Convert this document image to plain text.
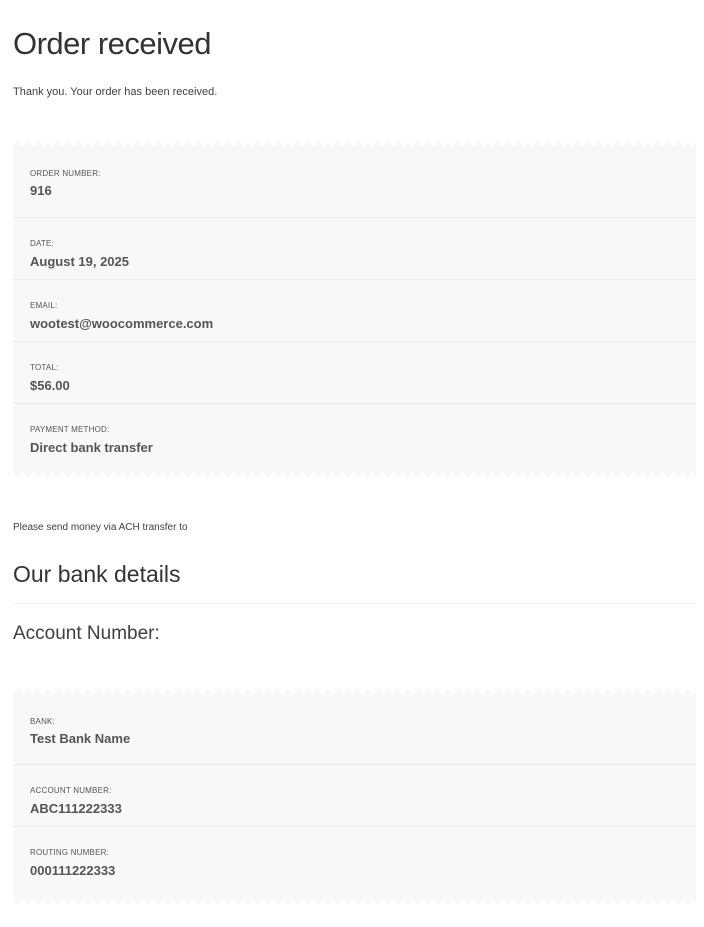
Order received

Thank you. Your order has been received.

ORDER NUMBER:
916
DATE:
August 19, 2025
EMAIL:
wootest@woocommerce.com
TOTAL:
$56.00
PAYMENT METHOD:
Direct bank transfer

Please send money via ACH transfer to

Our bank details
Account Number:
BANK:
Test Bank Name
ACCOUNT NUMBER:
ABC111222333
ROUTING NUMBER:
000111222333
